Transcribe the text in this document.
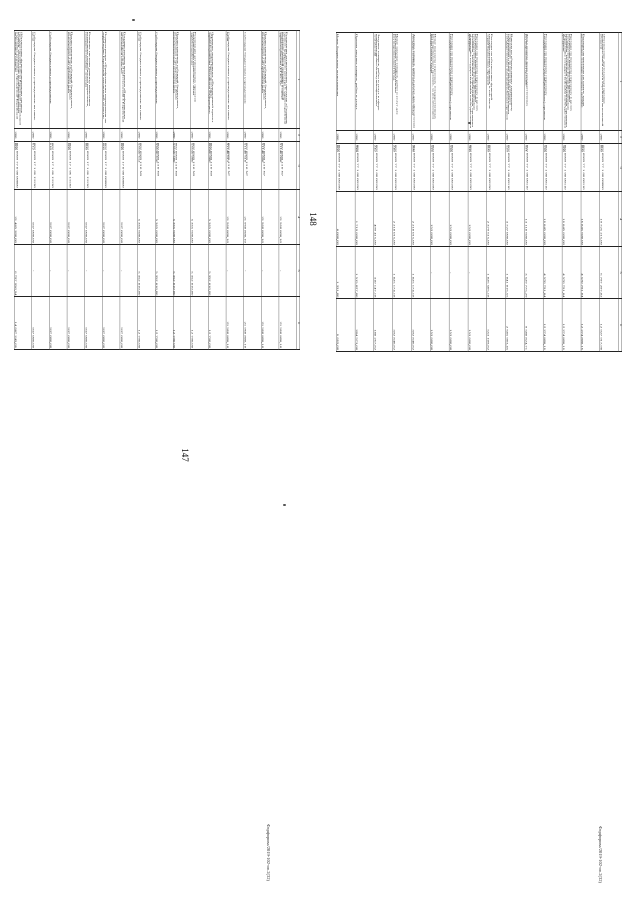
147
Фарфорова/2019-102-оп.2(32)
1	2	3	4	5	6
Реализация региональных проектов «Создание единого цифрового контура в здравоохранении на основе единой государственной информационной системы в сфере здравоохранения (ЕГИСЗ)»	200	002 0909 13 0 N7 51140 000	21 960 808,10	-	21 960 808,10
Предоставление субсидий бюджетным, автономным учреждениям и иным некоммерческим организациям	200	002 0909 13 0 N7 51140 600	21 960 808,10	-	21 960 808,10
Субсидии бюджетным учреждениям	200	002 0909 13 0 N7 51140 610	21 960 808,10	-	21 960 808,10
Субсидии бюджетным учреждениям на иные цели	200	002 0909 13 0 N7 51140 612	21 960 808,10	-	21 960 808,10
Основное мероприятие «Федеральный проект «Модернизация первичного звена здравоохранения Российской Федерации»	200	002 0909 13 0 N9 00000 000	5 365 600,00	5 352 810,00	12 790,00
Реализация региональных проектов модернизации первичного звена здравоохранения	200	002 0909 13 0 N9 53650 000	5 365 600,00	5 352 810,00	12 790,00
Предоставление субсидий бюджетным, автономным учреждениям и иным некоммерческим организациям	200	002 0909 13 0 N9 53650 600	5 365 600,00	5 352 810,00	12 790,00
Субсидии бюджетным учреждениям	200	002 0909 13 0 N9 53650 610	5 365 600,00	5 352 810,00	12 790,00
Субсидии бюджетным учреждениям на иные цели	200	002 0909 13 0 N9 53650 612	5 365 600,00	5 352 810,00	12 790,00
Государственная программа «Профилактика правонарушений и преступлений в Еврейской автономной области»	200	002 0909 17 0 00 00000 000	937 000,00	-	937 000,00
Подпрограмма «Профилактика наркомании на территории Еврейской автономной области»	200	002 0909 17 1 00 00000 000	937 000,00	-	937 000,00
Развитие системы раннего выявления незаконных потребителей наркотиков, совершенствование лечения	200	002 0909 17 1 06 13130 000	937 000,00	-	937 000,00
Предоставление субсидий бюджетным, автономным учреждениям и иным некоммерческим организациям	200	002 0909 17 1 06 13130 600	937 000,00	-	937 000,00
Субсидии бюджетным учреждениям	200	002 0909 17 1 06 13130 610	937 000,00	-	937 000,00
Субсидии бюджетным учреждениям на иные цели	200	002 0909 17 1 06 13130 612	937 000,00	-	937 000,00
Обеспечение функционирования органов государственной власти Еврейской автономной области, обеспечение функционирования отдельных казенных учреждений Еврейской автономной области	200	002 0909 77 0 00 00000 000	21 485 200,00	6 797 950,94	14 687 249,06
148
Фарфорова/2019-102-оп.2(32)
1	2	3	4	5	6
Обеспечение деятельности органов исполнительной власти Еврейской автономной области	200	002 0909 77 1 00 00000 000	19 725 215,00	6 797 297,02	12 927 917,98
Расходы на выплаты по оплате труда работников государственных органов	200	002 0909 77 1 00 00110 000	16 845 600,00	4 570 791,84	12 274 808,16
Расходы на выплаты персоналу в целях обеспечения выполнения функций государственными (муниципальными) органами, казенными учреждениями, органами управления государственными внебюджетными фондами	200	002 0909 77 1 00 00110 100	16 845 600,00	4 570 791,84	12 274 808,16
Расходы на выплаты персоналу государственных (муниципальных) органов	200	002 0909 77 1 00 00110 120	16 845 600,00	4 570 791,84	12 274 808,16
Фонд оплаты труда государственных (муниципальных) органов	200	002 0909 77 1 00 00110 121	13 118 600,00	3 529 775,29	9 588 824,71
Взносы по обязательному социальному страхованию на выплаты денежного содержания и иные выплаты работникам государственных (муниципальных) органов	200	002 0909 77 1 00 00110 129	3 727 000,00	1 041 016,55	2 685 983,45
Расходы на обеспечение функций государственных органов, в том числе территориальных органов	200	002 0909 77 1 00 00190 000	2 379 615,00	1 826 505,18	553 109,82
Расходы на выплаты персоналу в целях обеспечения выполнения функций государственными (муниципальными) органами, казенными учреждениями, органами управления государственными внебюджетными фондами	200	002 0909 77 1 00 00190 100	153 600,00	-	153 600,00
Расходы на выплаты персоналу государственных (муниципальных) органов	200	002 0909 77 1 00 00190 120	153 600,00	-	153 600,00
Иные выплаты персоналу государственных (муниципальных) органов, за исключением фонда оплаты труда	200	002 0909 77 1 00 00190 122	153 600,00	-	153 600,00
Закупка товаров, работ и услуг для обеспечения государственных (муниципальных) нужд	200	002 0909 77 1 00 00190 200	2 218 015,00	1 825 174,18	392 840,82
Иные закупки товаров, работ и услуг для обеспечения государственных (муниципальных) нужд	200	002 0909 77 1 00 00190 240	2 218 015,00	1 825 174,18	392 840,82
Закупка товаров, работ и услуг в сфере информационно-коммуникационных технологий	200	002 0909 77 1 00 00190 242	499 415,00	310 147,18	188 267,82
Прочая закупка товаров, работ и услуг	200	002 0909 77 1 00 00190 244	1 719 600,00	1 515 027,00	204 573,00
Иные бюджетные ассигнования	200	002 0909 77 1 00 00190 800	8 000,00	1 331,00	6 669,00
